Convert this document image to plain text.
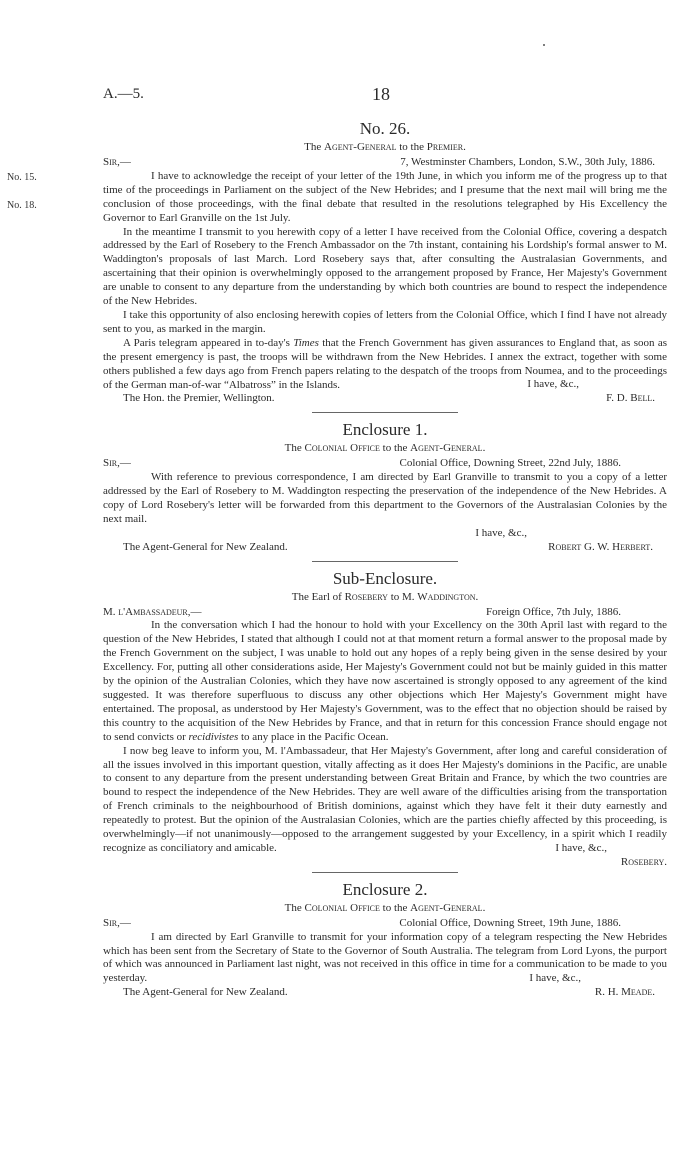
A.—5.	18
No. 15.
No. 18.

No. 26.

The Agent-General to the Premier.

Sir,—	7, Westminster Chambers, London, S.W., 30th July, 1886.

I have to acknowledge the receipt of your letter of the 19th June, in which you inform me of the progress up to that time of the proceedings in Parliament on the subject of the New Hebrides; and I presume that the next mail will bring me the conclusion of those proceedings, with the final debate that resulted in the resolutions telegraphed by His Excellency the Governor to Earl Granville on the 1st July.

In the meantime I transmit to you herewith copy of a letter I have received from the Colonial Office, covering a despatch addressed by the Earl of Rosebery to the French Ambassador on the 7th instant, containing his Lordship's formal answer to M. Waddington's proposals of last March. Lord Rosebery says that, after consulting the Australasian Governments, and ascertaining that their opinion is overwhelmingly opposed to the arrangement proposed by France, Her Majesty's Government are unable to consent to any departure from the understanding by which both countries are bound to respect the independence of the New Hebrides.

I take this opportunity of also enclosing herewith copies of letters from the Colonial Office, which I find I have not already sent to you, as marked in the margin.

A Paris telegram appeared in to-day's Times that the French Government has given assurances to England that, as soon as the present emergency is past, the troops will be withdrawn from the New Hebrides. I annex the extract, together with some others published a few days ago from French papers relating to the despatch of the troops from Noumea, and to the proceedings of the German man-of-war “Albatross” in the Islands.	I have, &c.,

The Hon. the Premier, Wellington.	F. D. Bell.

Enclosure 1.

The Colonial Office to the Agent-General.

Sir,—	Colonial Office, Downing Street, 22nd July, 1886.

With reference to previous correspondence, I am directed by Earl Granville to transmit to you a copy of a letter addressed by the Earl of Rosebery to M. Waddington respecting the preservation of the independence of the New Hebrides. A copy of Lord Rosebery's letter will be forwarded from this department to the Governors of the Australasian Colonies by the next mail.

I have, &c.,

The Agent-General for New Zealand.	Robert G. W. Herbert.

Sub-Enclosure.

The Earl of Rosebery to M. Waddington.

M. l'Ambassadeur,—	Foreign Office, 7th July, 1886.

In the conversation which I had the honour to hold with your Excellency on the 30th April last with regard to the question of the New Hebrides, I stated that although I could not at that moment return a formal answer to the proposal made by the French Government on the subject, I was unable to hold out any hopes of a reply being given in the sense desired by your Excellency. For, putting all other considerations aside, Her Majesty's Government could not but be mainly guided in this matter by the opinion of the Australian Colonies, which they have now ascertained is strongly opposed to any agreement of the kind suggested. It was therefore superfluous to discuss any other objections which Her Majesty's Government might have entertained. The proposal, as understood by Her Majesty's Government, was to the effect that no objection should be raised by this country to the acquisition of the New Hebrides by France, and that in return for this concession France should engage not to send convicts or recidivistes to any place in the Pacific Ocean.

I now beg leave to inform you, M. l'Ambassadeur, that Her Majesty's Government, after long and careful consideration of all the issues involved in this important question, vitally affecting as it does Her Majesty's dominions in the Pacific, are unable to consent to any departure from the present understanding between Great Britain and France, by which the two countries are bound to respect the independence of the New Hebrides. They are well aware of the difficulties arising from the transportation of French criminals to the neighbourhood of British dominions, against which they have felt it their duty earnestly and repeatedly to protest. But the opinion of the Australasian Colonies, which are the parties chiefly affected by this proceeding, is overwhelmingly—if not unanimously—opposed to the arrangement suggested by your Excellency, in a spirit which I readily recognize as conciliatory and amicable.	I have, &c.,

Rosebery.

Enclosure 2.

The Colonial Office to the Agent-General.

Sir,—	Colonial Office, Downing Street, 19th June, 1886.

I am directed by Earl Granville to transmit for your information copy of a telegram respecting the New Hebrides which has been sent from the Secretary of State to the Governor of South Australia. The telegram from Lord Lyons, the purport of which was announced in Parliament last night, was not received in this office in time for a communication to be made to you yesterday.	I have, &c.,

The Agent-General for New Zealand.	R. H. Meade.
